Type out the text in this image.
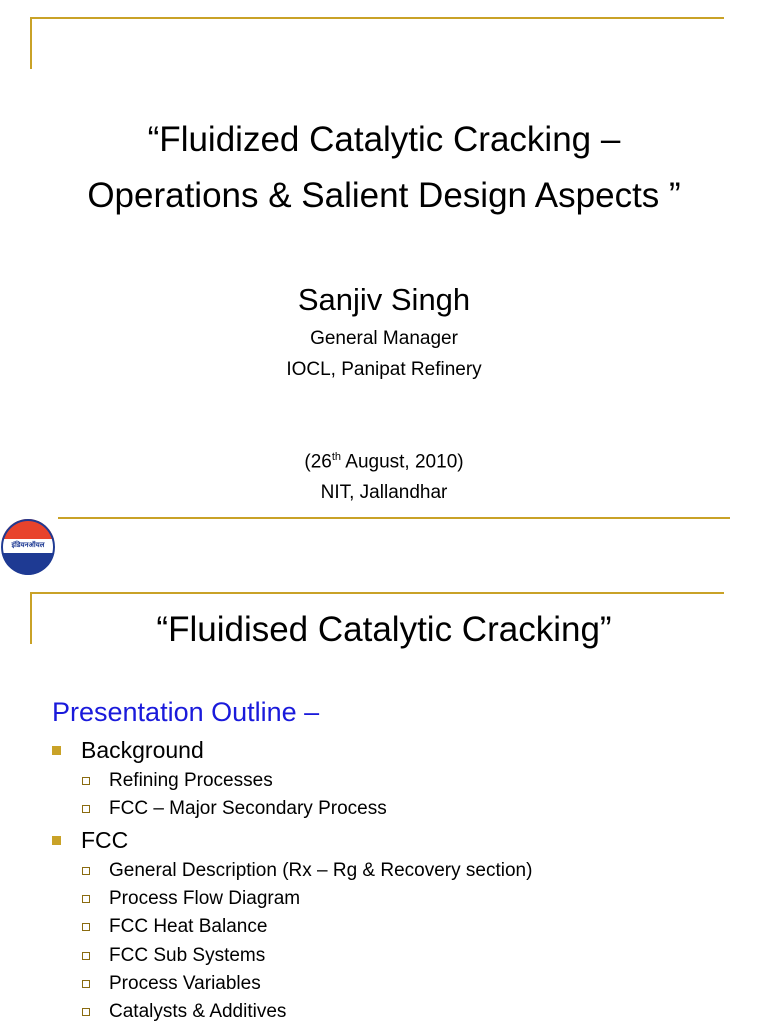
“Fluidized Catalytic Cracking –
Operations & Salient Design Aspects ”
Sanjiv Singh
General Manager
IOCL, Panipat Refinery
(26th August, 2010)
NIT, Jallandhar
इंडियनऑयल
“Fluidised Catalytic Cracking”
Presentation Outline –
Background
Refining Processes
FCC – Major Secondary Process
FCC
General Description (Rx – Rg & Recovery section)
Process Flow Diagram
FCC Heat Balance
FCC Sub Systems
Process Variables
Catalysts & Additives
